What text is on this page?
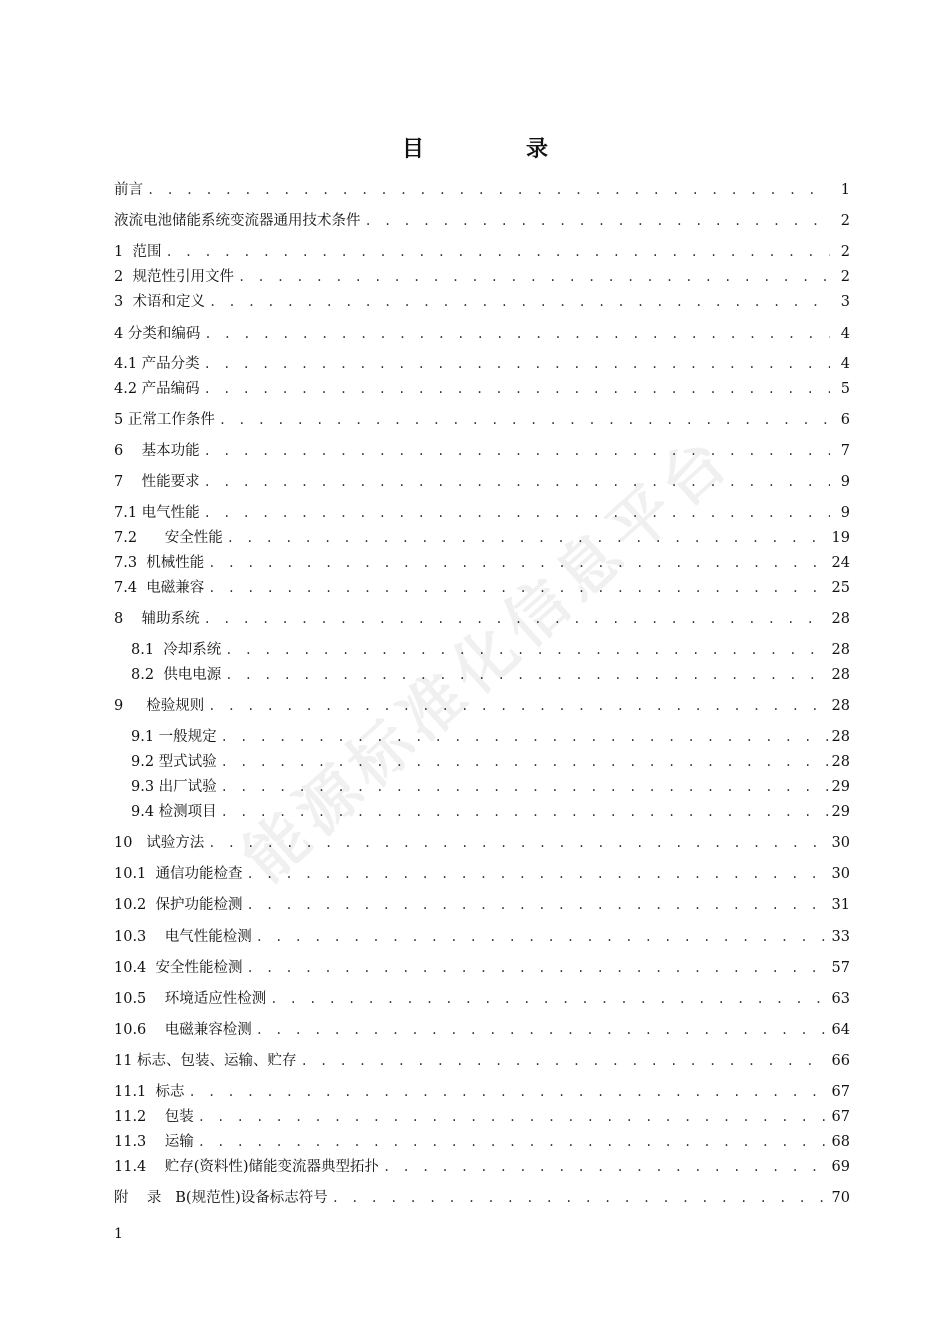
目　录
能源标准化信息平台
前言 . . .	1
液流电池储能系统变流器通用技术条件 . . .	2
1  范围 . . .	2
2  规范性引用文件 . . .	2
3  术语和定义 . . .	3
4 分类和编码 . . .	4
4.1 产品分类 . . .	4
4.2 产品编码 . . .	5
5 正常工作条件 . . .	6
6    基本功能 . . .	7
7    性能要求 . . .	9
7.1 电气性能 . . .	9
7.2      安全性能 . . .	19
7.3  机械性能 . . .	24
7.4  电磁兼容 . . .	25
8    辅助系统 . . .	28
8.1  冷却系统 . . .	28
8.2  供电电源 . . .	28
9     检验规则 . . .	28
9.1 一般规定 . . .	28
9.2 型式试验 . . .	28
9.3 出厂试验 . . .	29
9.4 检测项目 . . .	29
10   试验方法 . . .	30
10.1  通信功能检查 . . .	30
10.2  保护功能检测 . . .	31
10.3    电气性能检测 . . .	33
10.4  安全性能检测 . . .	57
10.5    环境适应性检测 . . .	63
10.6    电磁兼容检测 . . .	64
11 标志、包装、运输、贮存 . . .	66
11.1  标志 . . .	67
11.2    包装 . . .	67
11.3    运输 . . .	68
11.4    贮存(资料性)储能变流器典型拓扑 . . .	69
附    录   B(规范性)设备标志符号 . . .	70
1
